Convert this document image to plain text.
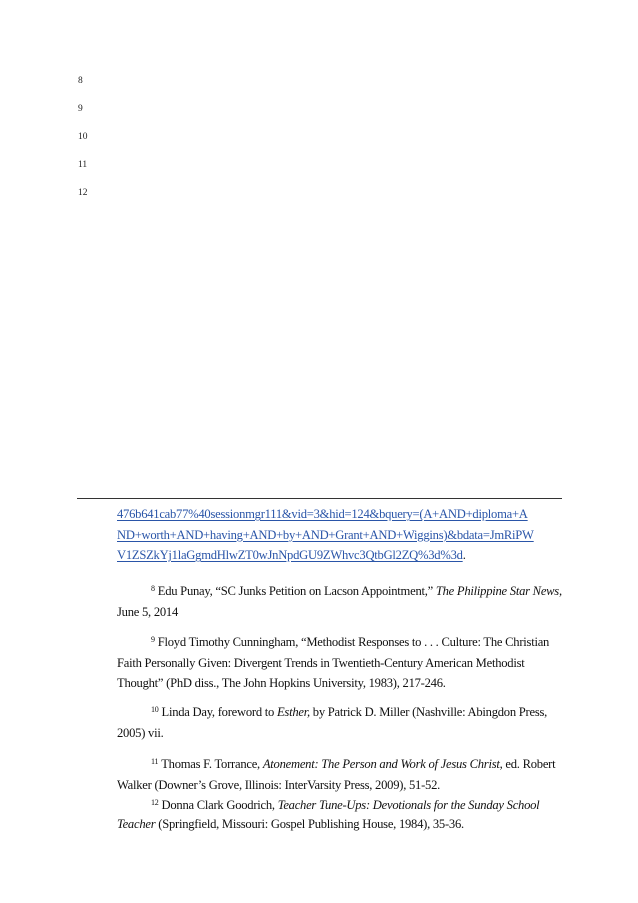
8
9
10
11
12
476b641cab77%40sessionmgr111&vid=3&hid=124&bquery=(A+AND+diploma+A
ND+worth+AND+having+AND+by+AND+Grant+AND+Wiggins)&bdata=JmRiPW
V1ZSZkYj1laGgmdHlwZT0wJnNpdGU9ZWhvc3QtbGl2ZQ%3d%3d.
$^8$ Edu Punay, “SC Junks Petition on Lacson Appointment,” The Philippine Star News, June 5, 2014
$^9$ Floyd Timothy Cunningham, “Methodist Responses to . . . Culture: The Christian Faith Personally Given: Divergent Trends in Twentieth-Century American Methodist Thought” (PhD diss., The John Hopkins University, 1983), 217-246.
$^{10}$ Linda Day, foreword to Esther, by Patrick D. Miller (Nashville: Abingdon Press, 2005) vii.
$^{11}$ Thomas F. Torrance, Atonement: The Person and Work of Jesus Christ, ed. Robert Walker (Downer’s Grove, Illinois: InterVarsity Press, 2009), 51-52.
$^{12}$ Donna Clark Goodrich, Teacher Tune-Ups: Devotionals for the Sunday School Teacher (Springfield, Missouri: Gospel Publishing House, 1984), 35-36.
